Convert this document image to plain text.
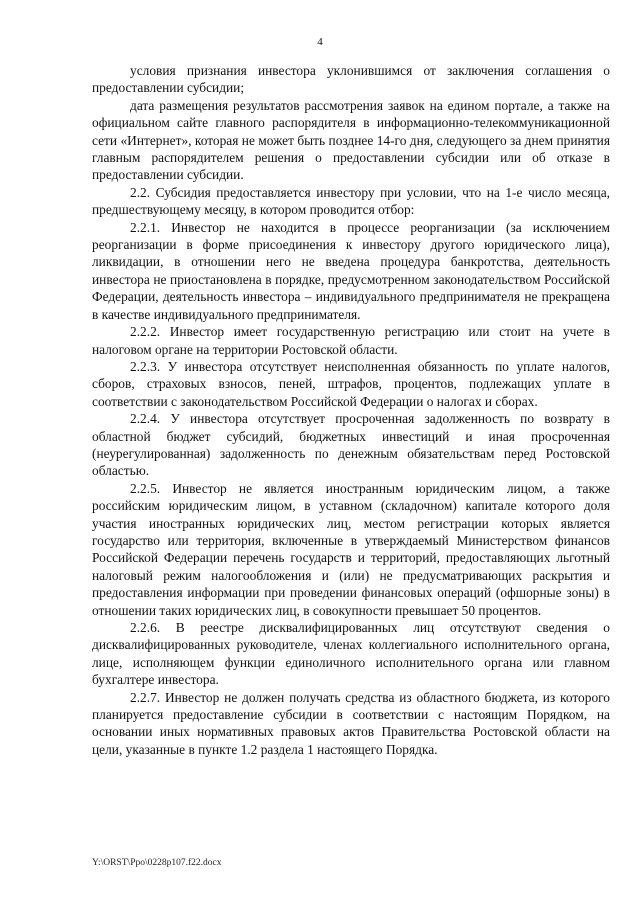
4

условия признания инвестора уклонившимся от заключения соглашения о предоставлении субсидии;

дата размещения результатов рассмотрения заявок на едином портале, а также на официальном сайте главного распорядителя в информационно-телекоммуникационной сети «Интернет», которая не может быть позднее 14-го дня, следующего за днем принятия главным распорядителем решения о предоставлении субсидии или об отказе в предоставлении субсидии.

2.2. Субсидия предоставляется инвестору при условии, что на 1-е число месяца, предшествующему месяцу, в котором проводится отбор:

2.2.1. Инвестор не находится в процессе реорганизации (за исключением реорганизации в форме присоединения к инвестору другого юридического лица), ликвидации, в отношении него не введена процедура банкротства, деятельность инвестора не приостановлена в порядке, предусмотренном законодательством Российской Федерации, деятельность инвестора – индивидуального предпринимателя не прекращена в качестве индивидуального предпринимателя.

2.2.2. Инвестор имеет государственную регистрацию или стоит на учете в налоговом органе на территории Ростовской области.

2.2.3. У инвестора отсутствует неисполненная обязанность по уплате налогов, сборов, страховых взносов, пеней, штрафов, процентов, подлежащих уплате в соответствии с законодательством Российской Федерации о налогах и сборах.

2.2.4. У инвестора отсутствует просроченная задолженность по возврату в областной бюджет субсидий, бюджетных инвестиций и иная просроченная (неурегулированная) задолженность по денежным обязательствам перед Ростовской областью.

2.2.5. Инвестор не является иностранным юридическим лицом, а также российским юридическим лицом, в уставном (складочном) капитале которого доля участия иностранных юридических лиц, местом регистрации которых является государство или территория, включенные в утверждаемый Министерством финансов Российской Федерации перечень государств и территорий, предоставляющих льготный налоговый режим налогообложения и (или) не предусматривающих раскрытия и предоставления информации при проведении финансовых операций (офшорные зоны) в отношении таких юридических лиц, в совокупности превышает 50 процентов.

2.2.6. В реестре дисквалифицированных лиц отсутствуют сведения о дисквалифицированных руководителе, членах коллегиального исполнительного органа, лице, исполняющем функции единоличного исполнительного органа или главном бухгалтере инвестора.

2.2.7. Инвестор не должен получать средства из областного бюджета, из которого планируется предоставление субсидии в соответствии с настоящим Порядком, на основании иных нормативных правовых актов Правительства Ростовской области на цели, указанные в пункте 1.2 раздела 1 настоящего Порядка.

Y:\ORST\Ppo\0228p107.f22.docx
